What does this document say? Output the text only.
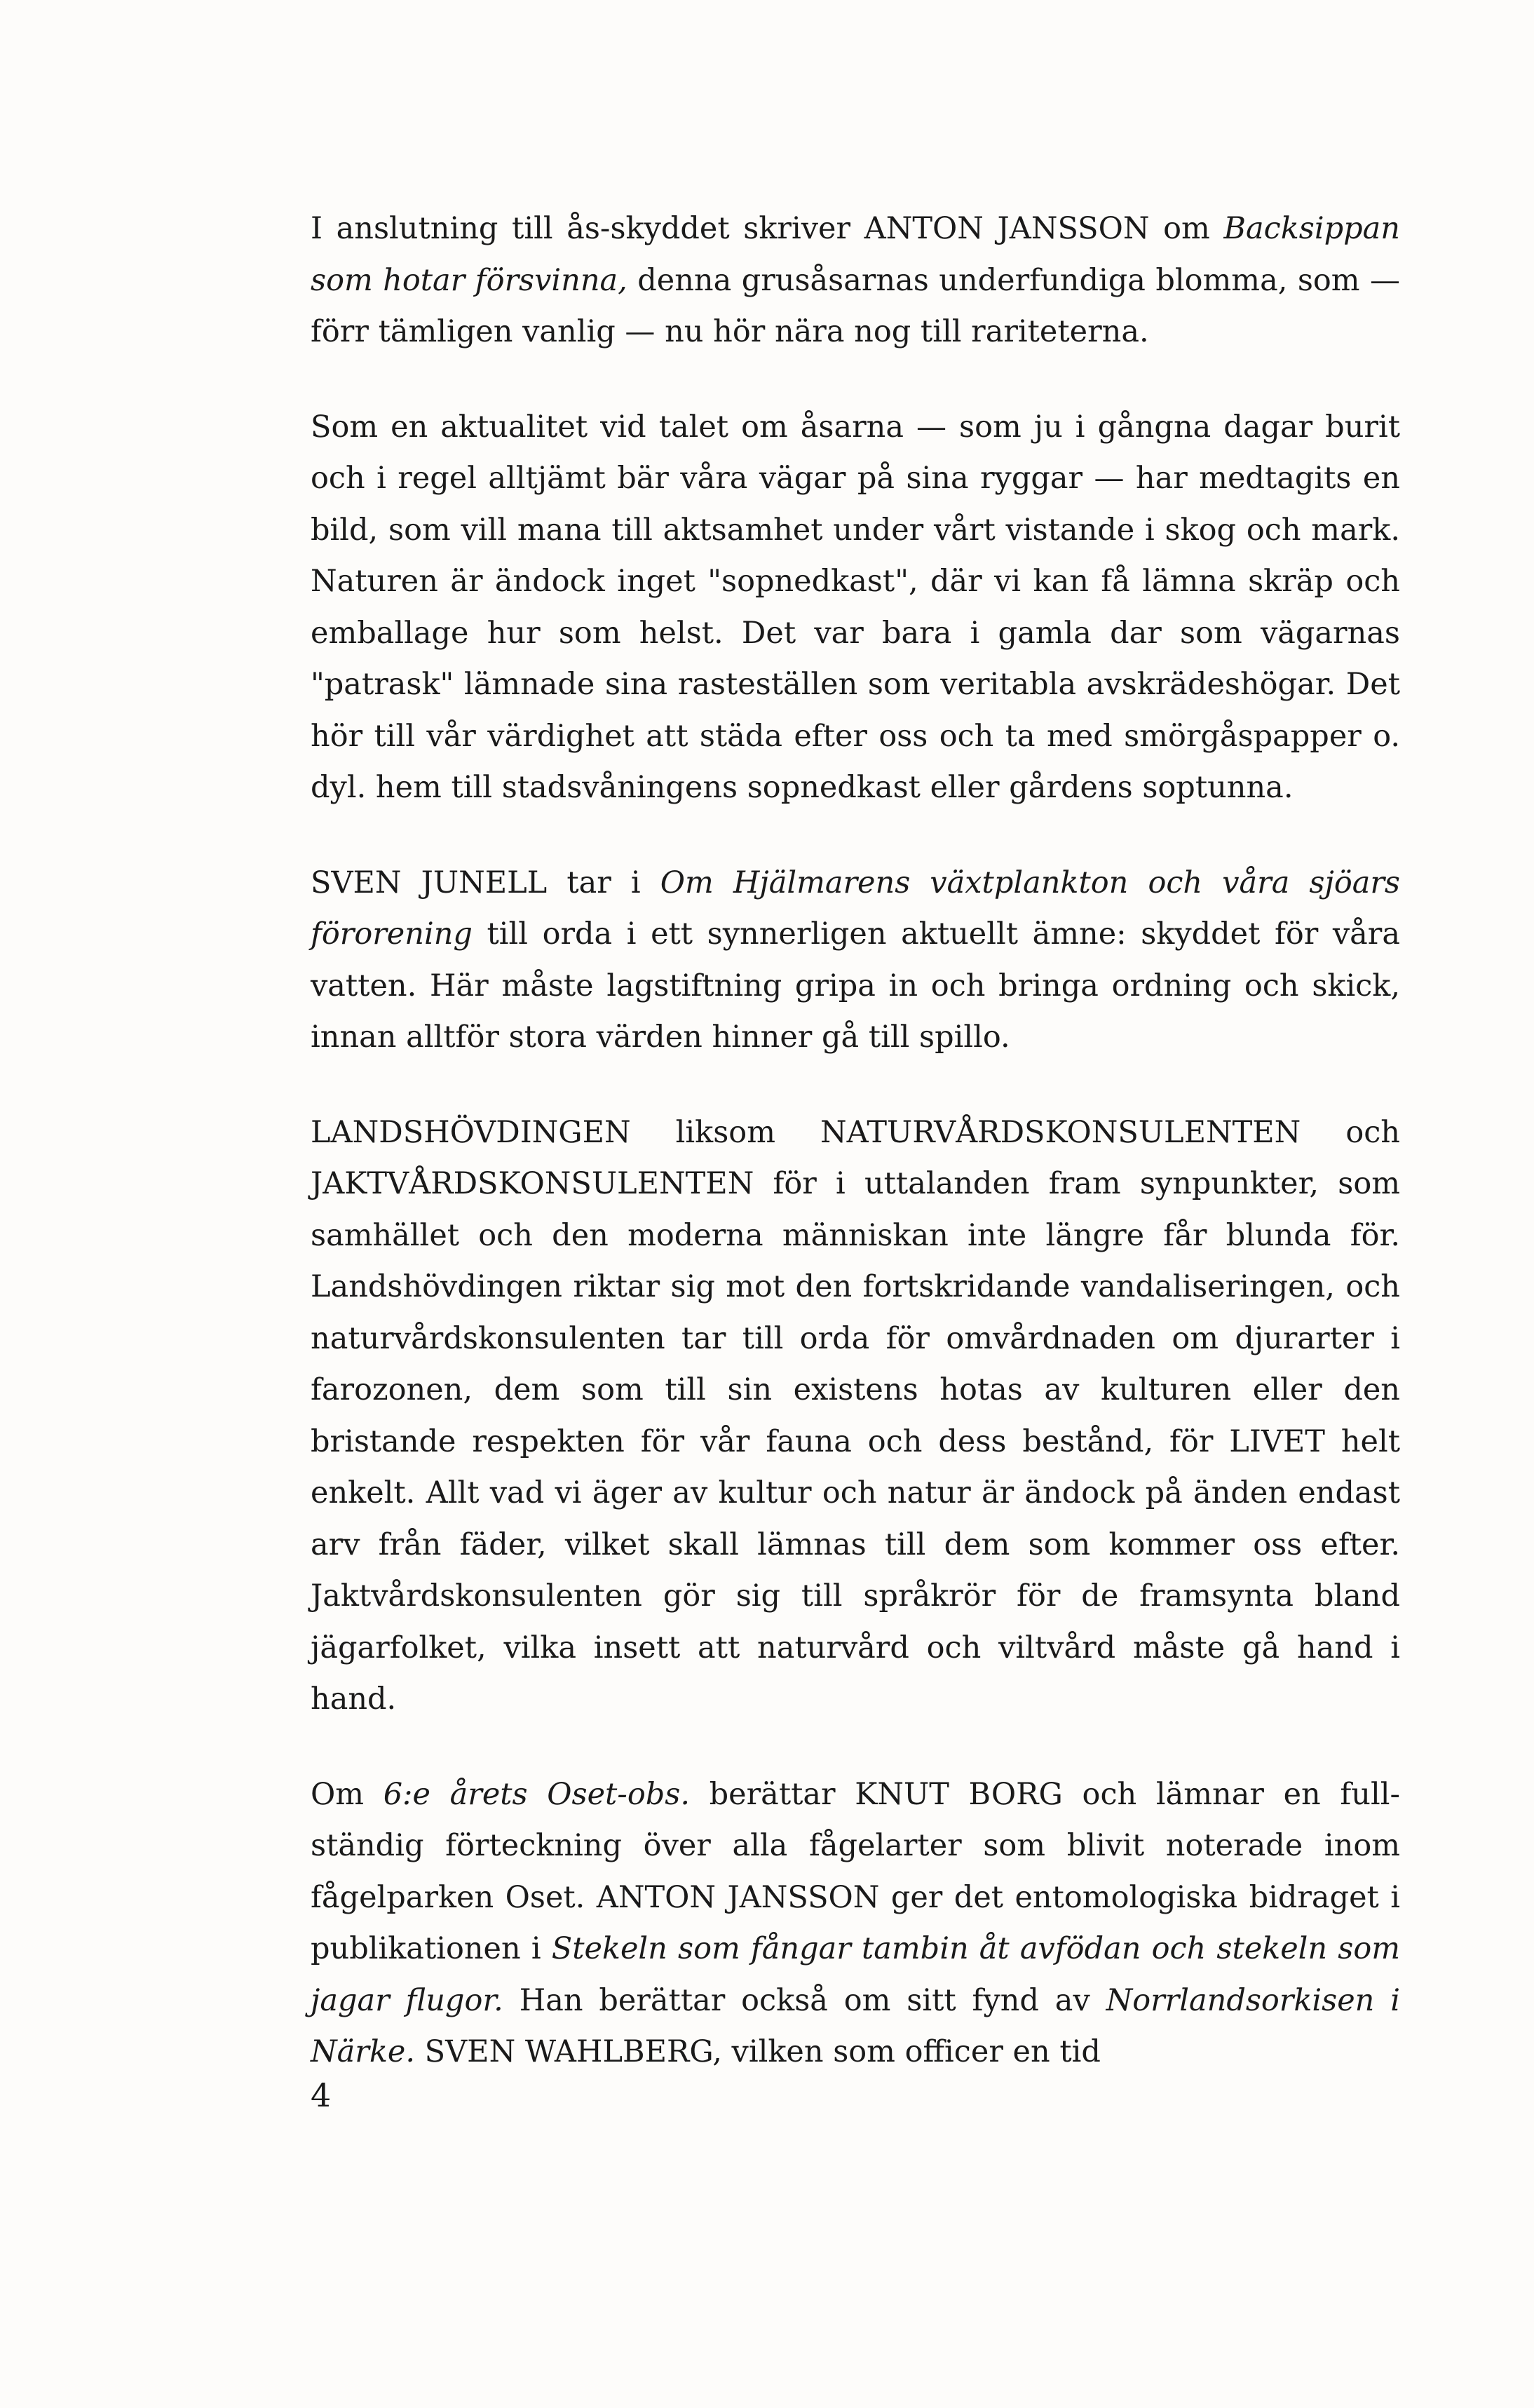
I anslutning till ås-skyddet skriver ANTON JANSSON om Backsippan som hotar försvinna, denna grusåsarnas underfundiga blomma, som — förr tämligen vanlig — nu hör nära nog till rariteterna.

Som en aktualitet vid talet om åsarna — som ju i gångna dagar burit och i regel alltjämt bär våra vägar på sina ryggar — har medtagits en bild, som vill mana till aktsamhet under vårt vistande i skog och mark. Naturen är ändock inget "sopnedkast", där vi kan få lämna skräp och emballage hur som helst. Det var bara i gamla dar som vägarnas "patrask" lämnade sina rasteställen som veritabla avskrädeshögar. Det hör till vår värdighet att städa efter oss och ta med smörgåspapper o. dyl. hem till stadsvåningens sopnedkast eller gårdens soptunna.

SVEN JUNELL tar i Om Hjälmarens växtplankton och våra sjöars förorening till orda i ett synnerligen aktuellt ämne: skyddet för våra vatten. Här måste lagstiftning gripa in och bringa ordning och skick, innan alltför stora värden hinner gå till spillo.

LANDSHÖVDINGEN liksom NATURVÅRDSKONSULENTEN och JAKTVÅRDSKONSULENTEN för i uttalanden fram synpunkter, som samhället och den moderna människan inte längre får blunda för. Landshövdingen riktar sig mot den fortskridande vandaliseringen, och naturvårdskonsulenten tar till orda för omvårdnaden om djurarter i farozonen, dem som till sin existens hotas av kulturen eller den bristande respekten för vår fauna och dess bestånd, för LIVET helt enkelt. Allt vad vi äger av kultur och natur är ändock på änden endast arv från fäder, vilket skall lämnas till dem som kommer oss efter. Jaktvårdskonsulenten gör sig till språkrör för de framsynta bland jägarfolket, vilka insett att naturvård och viltvård måste gå hand i hand.

Om 6:e årets Oset-obs. berättar KNUT BORG och lämnar en fullständig förteckning över alla fågelarter som blivit noterade inom fågelparken Oset. ANTON JANSSON ger det entomologiska bidraget i publikationen i Stekeln som fångar tambin åt avfödan och stekeln som jagar flugor. Han berättar också om sitt fynd av Norrlandsorkisen i Närke. SVEN WAHLBERG, vilken som officer en tid

4
